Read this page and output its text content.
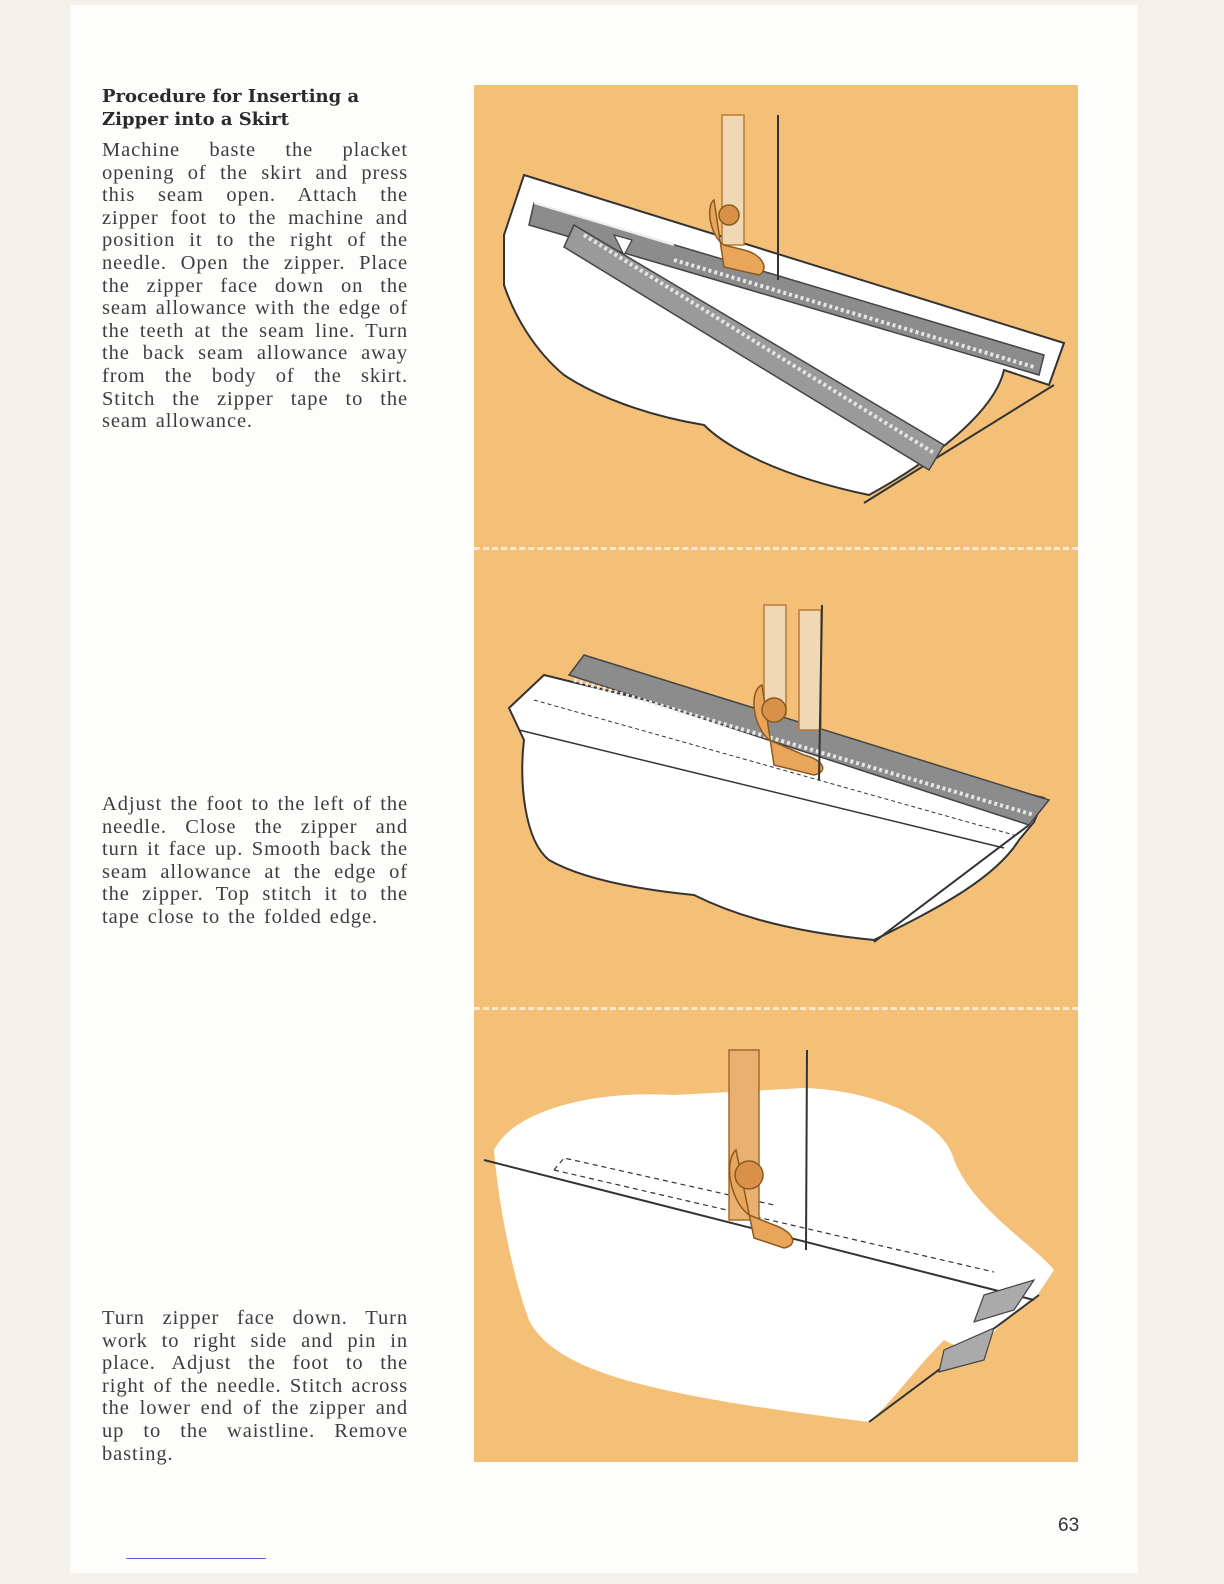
Procedure for Inserting a Zipper into a Skirt
Machine baste the placket opening of the skirt and press this seam open. Attach the zipper foot to the machine and position it to the right of the needle. Open the zipper. Place the zipper face down on the seam allowance with the edge of the teeth at the seam line. Turn the back seam allowance away from the body of the skirt. Stitch the zipper tape to the seam allowance.
Adjust the foot to the left of the needle. Close the zipper and turn it face up. Smooth back the seam allowance at the edge of the zipper. Top stitch it to the tape close to the folded edge.
Turn zipper face down. Turn work to right side and pin in place. Adjust the foot to the right of the needle. Stitch across the lower end of the zipper and up to the waistline. Remove basting.
63
